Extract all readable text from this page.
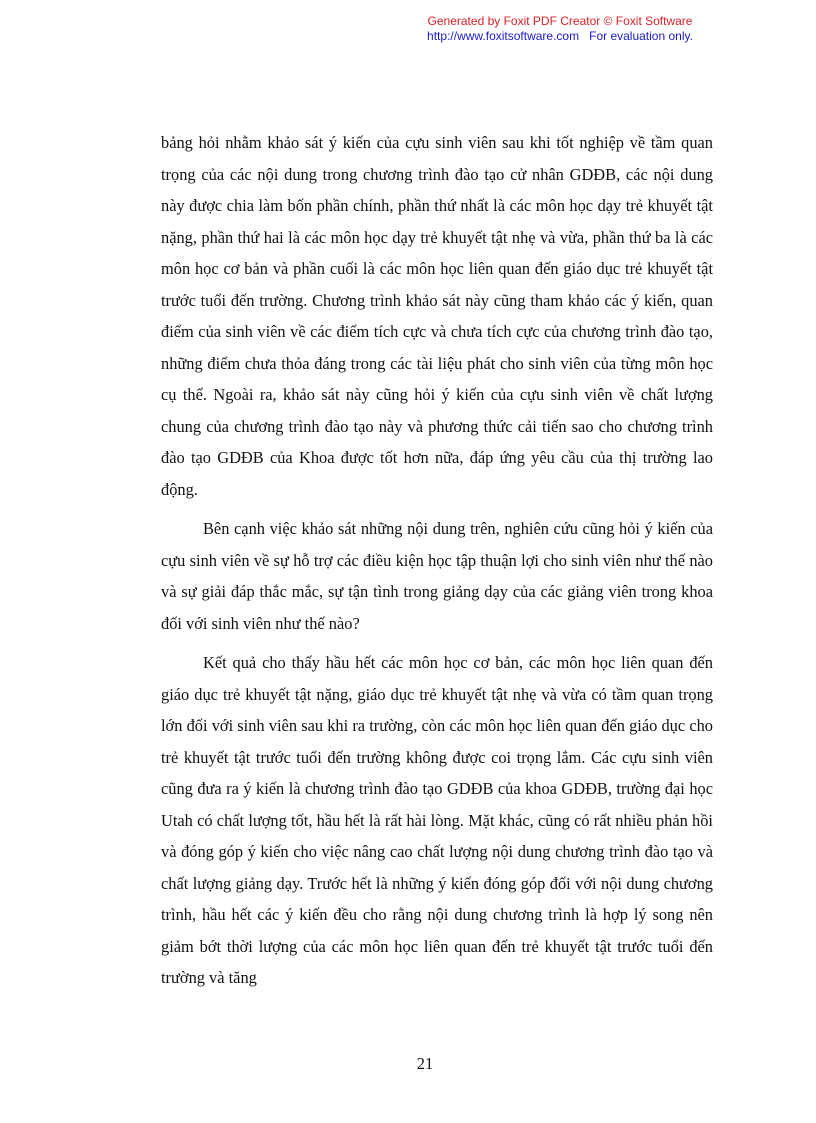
Generated by Foxit PDF Creator © Foxit Software
http://www.foxitsoftware.com For evaluation only.

bảng hỏi nhằm khảo sát ý kiến của cựu sinh viên sau khi tốt nghiệp về tầm quan trọng của các nội dung trong chương trình đào tạo cử nhân GDĐB, các nội dung này được chia làm bốn phần chính, phần thứ nhất là các môn học dạy trẻ khuyết tật nặng, phần thứ hai là các môn học dạy trẻ khuyết tật nhẹ và vừa, phần thứ ba là các môn học cơ bản và phần cuối là các môn học liên quan đến giáo dục trẻ khuyết tật trước tuổi đến trường. Chương trình khảo sát này cũng tham khảo các ý kiến, quan điểm của sinh viên về các điểm tích cực và chưa tích cực của chương trình đào tạo, những điểm chưa thỏa đáng trong các tài liệu phát cho sinh viên của từng môn học cụ thể. Ngoài ra, khảo sát này cũng hỏi ý kiến của cựu sinh viên về chất lượng chung của chương trình đào tạo này và phương thức cải tiến sao cho chương trình đào tạo GDĐB của Khoa được tốt hơn nữa, đáp ứng yêu cầu của thị trường lao động.

Bên cạnh việc khảo sát những nội dung trên, nghiên cứu cũng hỏi ý kiến của cựu sinh viên về sự hỗ trợ các điều kiện học tập thuận lợi cho sinh viên như thế nào và sự giải đáp thắc mắc, sự tận tình trong giảng dạy của các giảng viên trong khoa đối với sinh viên như thế nào?

Kết quả cho thấy hầu hết các môn học cơ bản, các môn học liên quan đến giáo dục trẻ khuyết tật nặng, giáo dục trẻ khuyết tật nhẹ và vừa có tầm quan trọng lớn đối với sinh viên sau khi ra trường, còn các môn học liên quan đến giáo dục cho trẻ khuyết tật trước tuổi đến trường không được coi trọng lắm. Các cựu sinh viên cũng đưa ra ý kiến là chương trình đào tạo GDĐB của khoa GDĐB, trường đại học Utah có chất lượng tốt, hầu hết là rất hài lòng. Mặt khác, cũng có rất nhiều phản hồi và đóng góp ý kiến cho việc nâng cao chất lượng nội dung chương trình đào tạo và chất lượng giảng dạy. Trước hết là những ý kiến đóng góp đối với nội dung chương trình, hầu hết các ý kiến đều cho rằng nội dung chương trình là hợp lý song nên giảm bớt thời lượng của các môn học liên quan đến trẻ khuyết tật trước tuổi đến trường và tăng

21
